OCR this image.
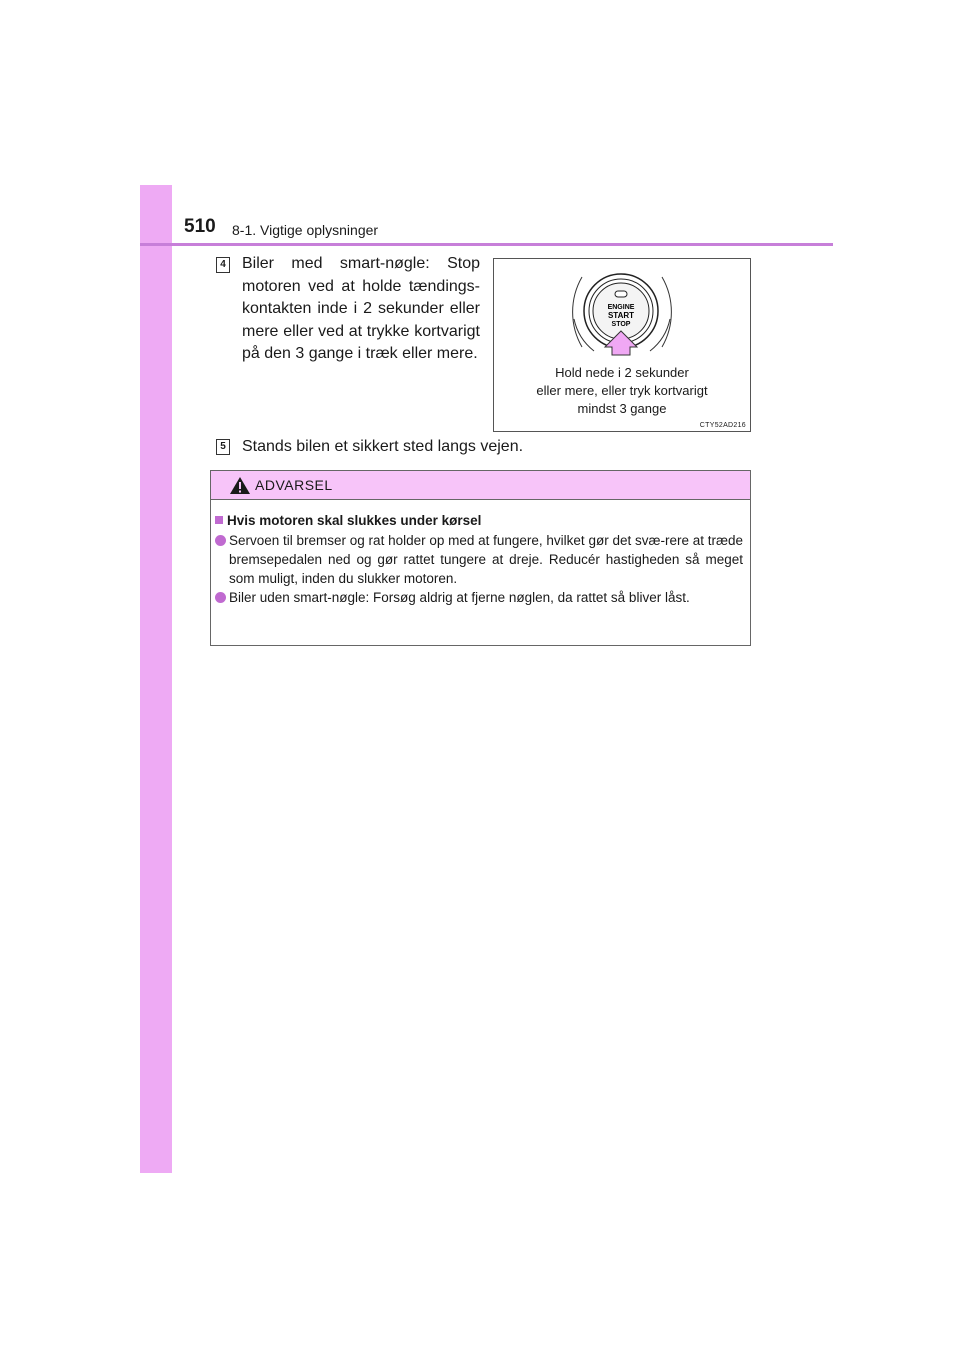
510 8-1. Vigtige oplysninger
4 Biler med smart-nøgle: Stop motoren ved at holde tændings-kontakten inde i 2 sekunder eller mere eller ved at trykke kortvarigt på den 3 gange i træk eller mere.
ENGINE
START
STOP
Hold nede i 2 sekunder
eller mere, eller tryk kortvarigt
mindst 3 gange
CTY52AD216
5 Stands bilen et sikkert sted langs vejen.
ADVARSEL
Hvis motoren skal slukkes under kørsel
Servoen til bremser og rat holder op med at fungere, hvilket gør det svæ-rere at træde bremsepedalen ned og gør rattet tungere at dreje. Reducér hastigheden så meget som muligt, inden du slukker motoren.
Biler uden smart-nøgle: Forsøg aldrig at fjerne nøglen, da rattet så bliver låst.
